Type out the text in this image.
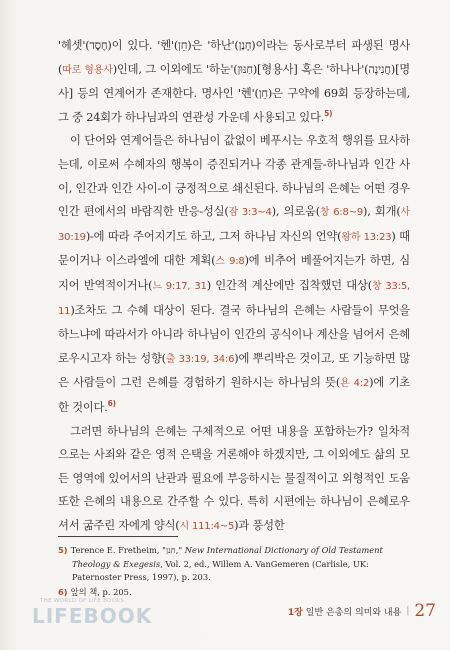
'헤셋'(חֶסֶד)이 있다. '헨'(חֵן)은 '하난'(חָנַן)이라는 동사로부터 파생된 명사(따로 형용사)인데, 그 이외에도 '하눈'(חַנּוּן)[형용사] 혹은 '하나나'(חֲנִינָה)[명사] 등의 연계어가 존재한다. 명사인 '헨'(חֵן)은 구약에 69회 등장하는데, 그 중 24회가 하나님과의 연관성 가운데 사용되고 있다.$^{5)}$

이 단어와 연계어들은 하나님이 값없이 베푸시는 우호적 행위를 묘사하는데, 이로써 수혜자의 행복이 증진되거나 각종 관계들-하나님과 인간 사이, 인간과 인간 사이-이 긍정적으로 쇄신된다. 하나님의 은혜는 어떤 경우 인간 편에서의 바람직한 반응-성실(잠 3:3~4), 의로움(창 6:8~9), 회개(사 30:19)-에 따라 주어지기도 하고, 그저 하나님 자신의 언약(왕하 13:23) 때문이거나 이스라엘에 대한 계획(스 9:8)에 비추어 베풀어지는가 하면, 심지어 반역적이거나(느 9:17, 31) 인간적 계산에만 집착했던 대상(창 33:5, 11)조차도 그 수혜 대상이 된다. 결국 하나님의 은혜는 사람들이 무엇을 하느냐에 따라서가 아니라 하나님이 인간의 공식이나 계산을 넘어서 은혜로우시고자 하는 성향(출 33:19, 34:6)에 뿌리박은 것이고, 또 기능하면 많은 사람들이 그런 은혜를 경험하기 원하시는 하나님의 뜻(욘 4:2)에 기초한 것이다.$^{6)}$

그러면 하나님의 은혜는 구체적으로 어떤 내용을 포함하는가? 일차적으로는 사죄와 같은 영적 은택을 거론해야 하겠지만, 그 이외에도 삶의 모든 영역에 있어서의 난관과 필요에 부응하시는 물질적이고 외형적인 도움 또한 은혜의 내용으로 간주할 수 있다. 특히 시편에는 하나님이 은혜로우셔서 굶주린 자에게 양식(시 111:4~5)과 풍성한

5) Terence E. Fretheim, "חנן," New International Dictionary of Old Testament Theology & Exegesis, Vol. 2, ed., Willem A. VanGemeren (Carlisle, UK: Paternoster Press, 1997), p. 203.

6) 앞의 책, p. 205.

THE WORLD OF LIFE BOOKS
LIFEBOOK	1장 일반 은총의 의미와 내용 | 27
